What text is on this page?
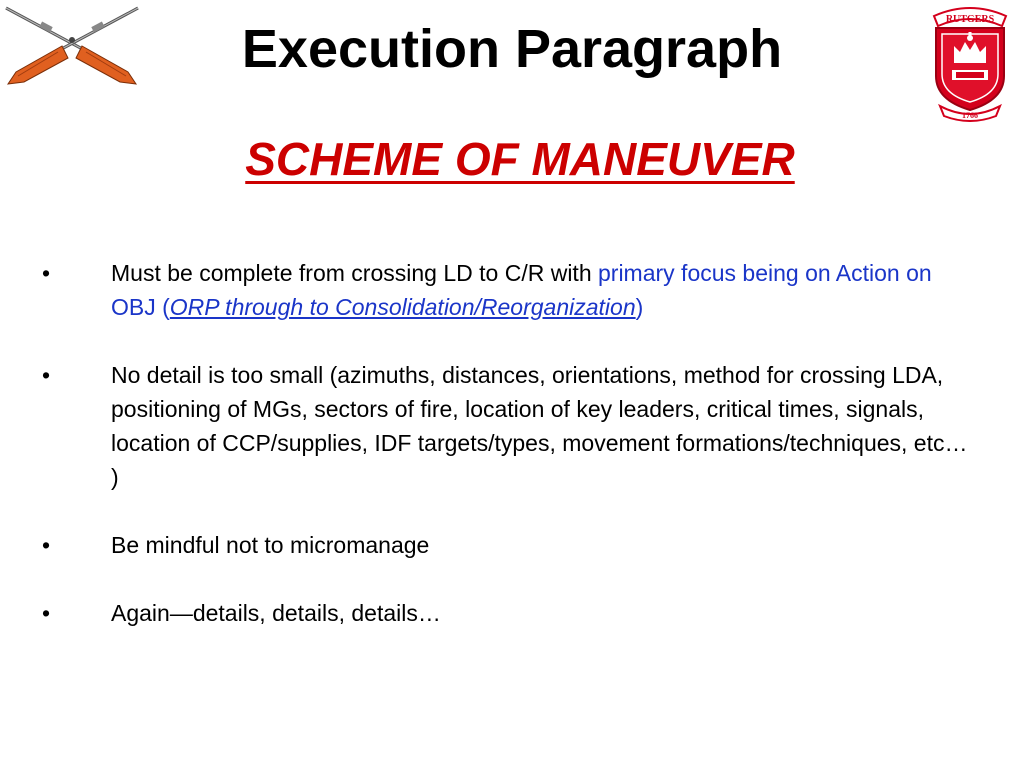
RUTGERS
1766
Execution Paragraph
SCHEME OF MANEUVER
•	Must be complete from crossing LD to C/R with primary focus being on Action on OBJ (ORP through to Consolidation/Reorganization)
•	No detail is too small (azimuths, distances, orientations, method for crossing LDA, positioning of MGs, sectors of fire, location of key leaders, critical times, signals, location of CCP/supplies, IDF targets/types, movement formations/techniques, etc… )
•	Be mindful not to micromanage
•	Again—details, details, details…
